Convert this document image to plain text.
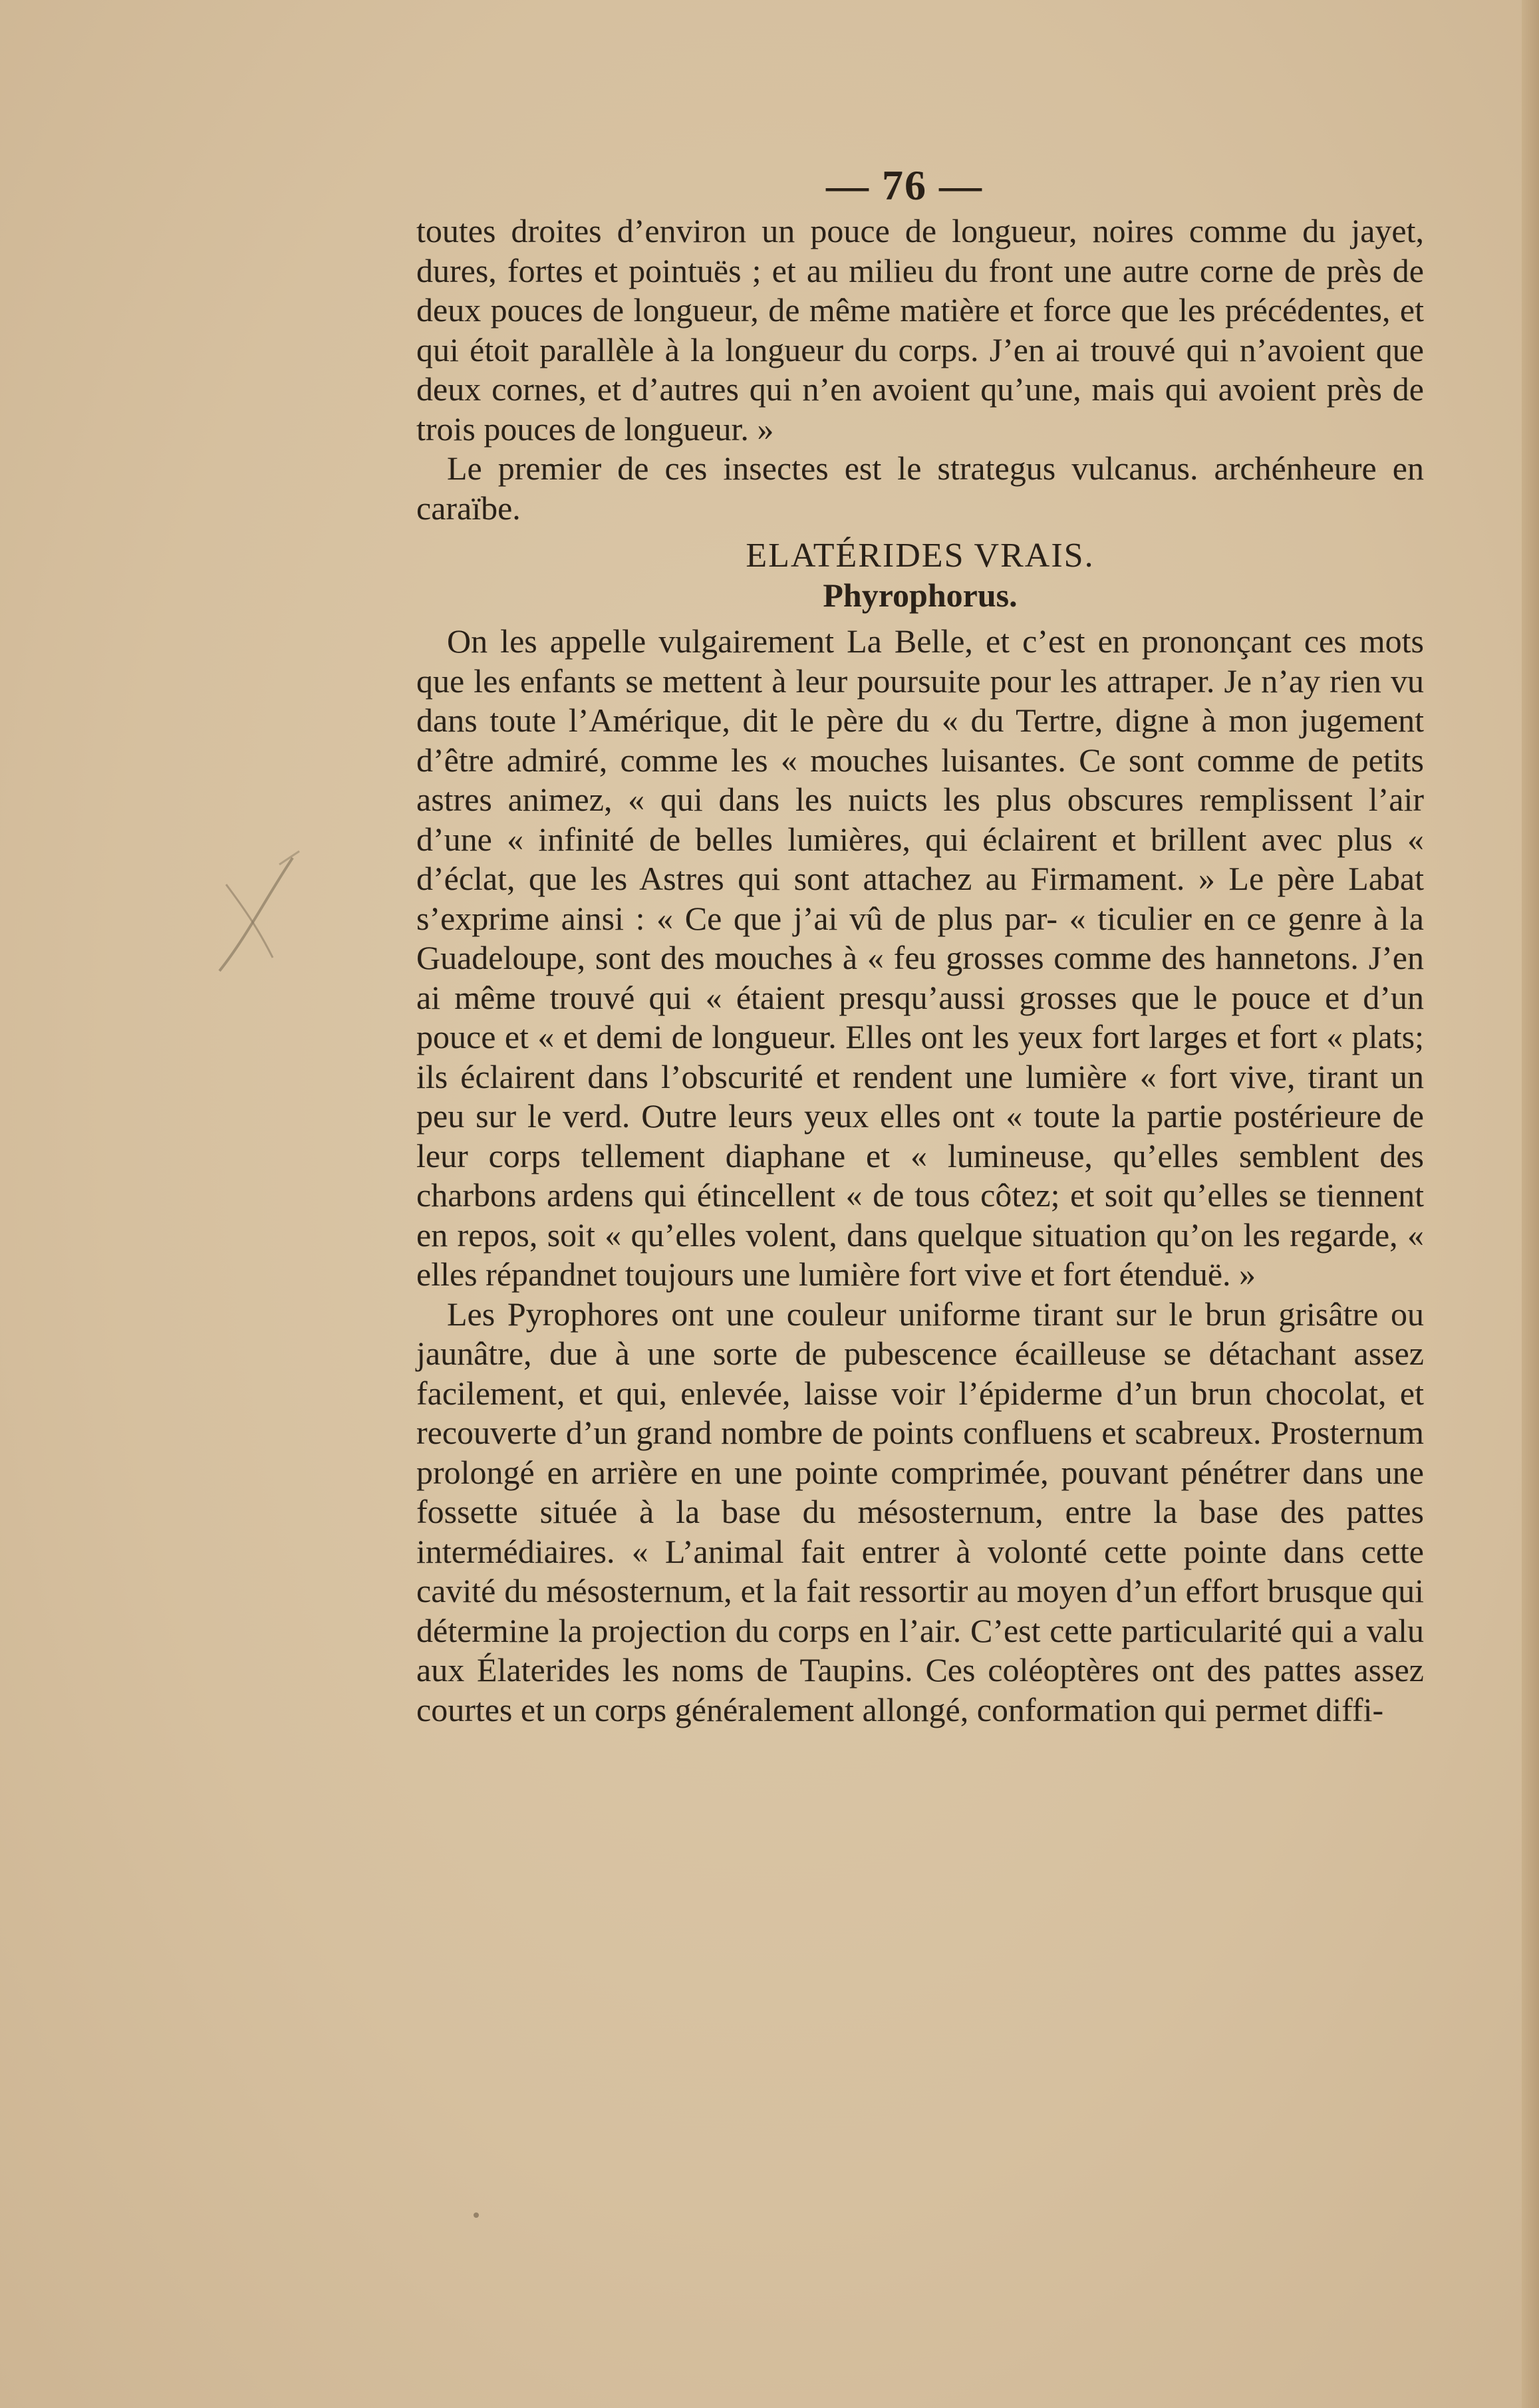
— 76 —

toutes droites d’environ un pouce de longueur, noires comme du jayet, dures, fortes et pointuës ; et au milieu du front une autre corne de près de deux pouces de longueur, de même matière et force que les précédentes, et qui étoit parallèle à la longueur du corps. J’en ai trouvé qui n’avoient que deux cornes, et d’autres qui n’en avoient qu’une, mais qui avoient près de trois pouces de longueur. »

Le premier de ces insectes est le strategus vulcanus. archénheure en caraïbe.

ELATÉRIDES VRAIS.

Phyrophorus.

On les appelle vulgairement La Belle, et c’est en prononçant ces mots que les enfants se mettent à leur poursuite pour les attraper. Je n’ay rien vu dans toute l’Amérique, dit le père du « du Tertre, digne à mon jugement d’être admiré, comme les « mouches luisantes. Ce sont comme de petits astres animez, « qui dans les nuicts les plus obscures remplissent l’air d’une « infinité de belles lumières, qui éclairent et brillent avec plus « d’éclat, que les Astres qui sont attachez au Firmament. » Le père Labat s’exprime ainsi : « Ce que j’ai vû de plus par- « ticulier en ce genre à la Guadeloupe, sont des mouches à « feu grosses comme des hannetons. J’en ai même trouvé qui « étaient presqu’aussi grosses que le pouce et d’un pouce et « et demi de longueur. Elles ont les yeux fort larges et fort « plats; ils éclairent dans l’obscurité et rendent une lumière « fort vive, tirant un peu sur le verd. Outre leurs yeux elles ont « toute la partie postérieure de leur corps tellement diaphane et « lumineuse, qu’elles semblent des charbons ardens qui étincellent « de tous côtez; et soit qu’elles se tiennent en repos, soit « qu’elles volent, dans quelque situation qu’on les regarde, « elles répandnet toujours une lumière fort vive et fort étenduë. »

Les Pyrophores ont une couleur uniforme tirant sur le brun grisâtre ou jaunâtre, due à une sorte de pubescence écailleuse se détachant assez facilement, et qui, enlevée, laisse voir l’épiderme d’un brun chocolat, et recouverte d’un grand nombre de points confluens et scabreux. Prosternum prolongé en arrière en une pointe comprimée, pouvant pénétrer dans une fossette située à la base du mésosternum, entre la base des pattes intermédiaires. « L’animal fait entrer à volonté cette pointe dans cette cavité du mésosternum, et la fait ressortir au moyen d’un effort brusque qui détermine la projection du corps en l’air. C’est cette particularité qui a valu aux Élaterides les noms de Taupins. Ces coléoptères ont des pattes assez courtes et un corps généralement allongé, conformation qui permet diffi-
